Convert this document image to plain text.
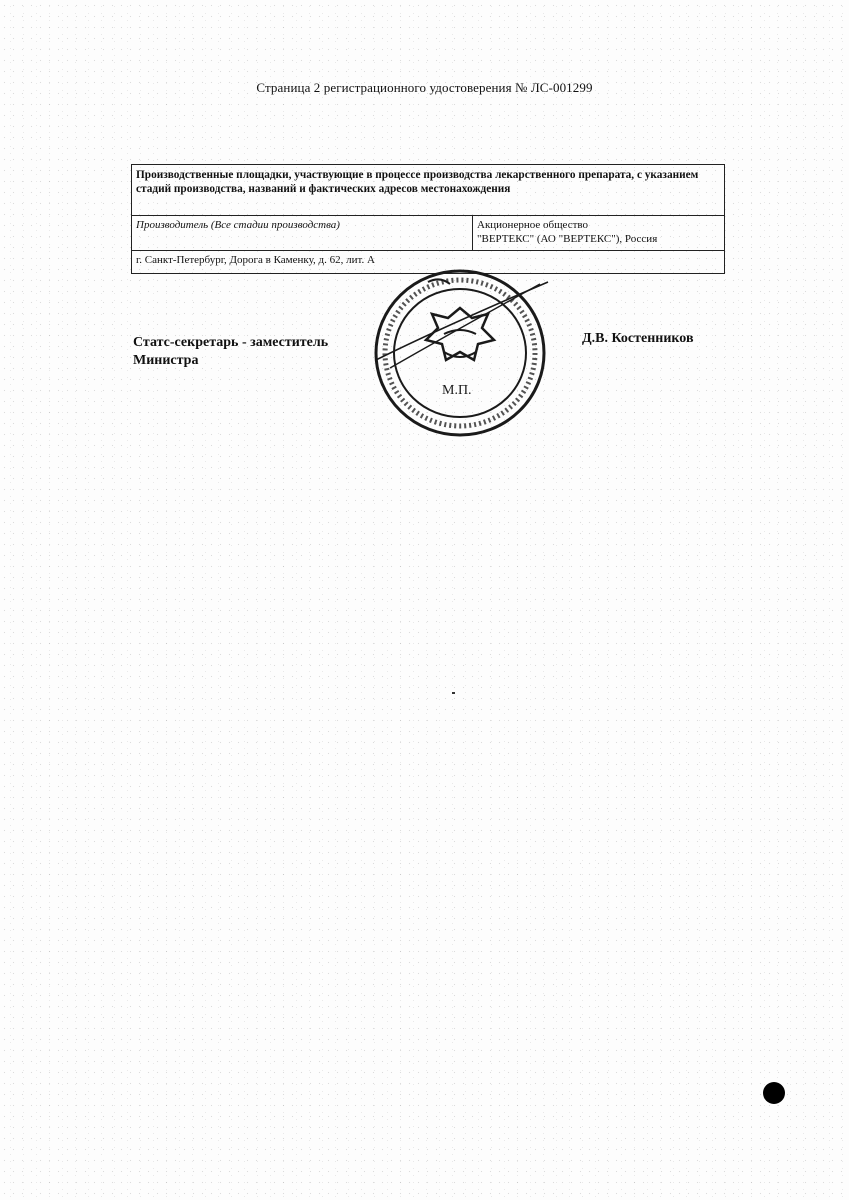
Страница 2 регистрационного удостоверения № ЛС-001299
Производственные площадки, участвующие в процессе производства лекарственного препарата, с указанием стадий производства, названий и фактических адресов местонахождения
Производитель (Все стадии производства)	Акционерное общество
"ВЕРТЕКС" (АО "ВЕРТЕКС"), Россия

г. Санкт-Петербург, Дорога в Каменку, д. 62, лит. А
Статс-секретарь - заместитель
Министра
Д.В. Костенников
М.П.
